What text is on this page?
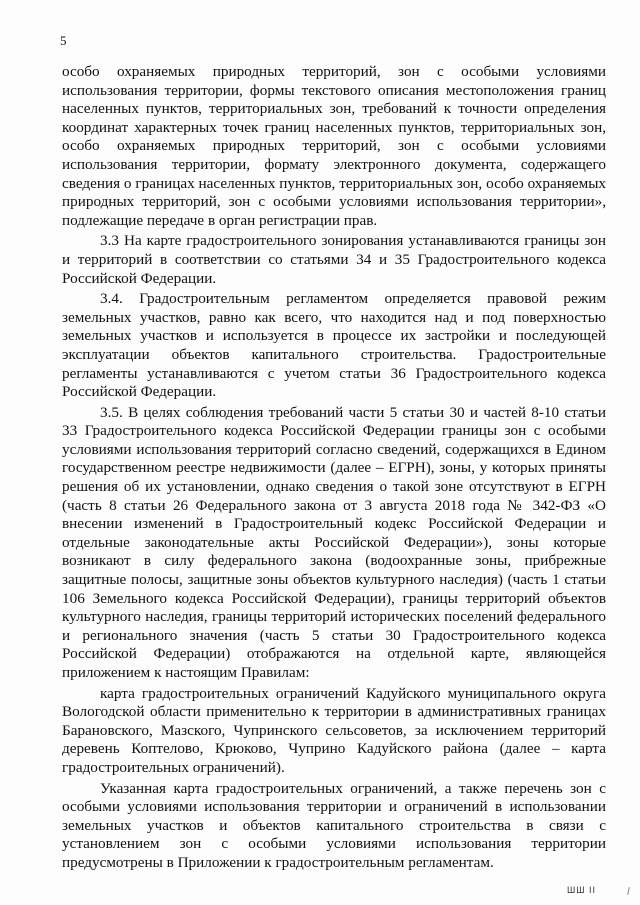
5

особо охраняемых природных территорий, зон с особыми условиями использования территории, формы текстового описания местоположения границ населенных пунктов, территориальных зон, требований к точности определения координат характерных точек границ населенных пунктов, территориальных зон, особо охраняемых природных территорий, зон с особыми условиями использования территории, формату электронного документа, содержащего сведения о границах населенных пунктов, территориальных зон, особо охраняемых природных территорий, зон с особыми условиями использования территории», подлежащие передаче в орган регистрации прав.

3.3 На карте градостроительного зонирования устанавливаются границы зон и территорий в соответствии со статьями 34 и 35 Градостроительного кодекса Российской Федерации.

3.4. Градостроительным регламентом определяется правовой режим земельных участков, равно как всего, что находится над и под поверхностью земельных участков и используется в процессе их застройки и последующей эксплуатации объектов капитального строительства. Градостроительные регламенты устанавливаются с учетом статьи 36 Градостроительного кодекса Российской Федерации.

3.5. В целях соблюдения требований части 5 статьи 30 и частей 8-10 статьи 33 Градостроительного кодекса Российской Федерации границы зон с особыми условиями использования территорий согласно сведений, содержащихся в Едином государственном реестре недвижимости (далее – ЕГРН), зоны, у которых приняты решения об их установлении, однако сведения о такой зоне отсутствуют в ЕГРН (часть 8 статьи 26 Федерального закона от 3 августа 2018 года № 342-ФЗ «О внесении изменений в Градостроительный кодекс Российской Федерации и отдельные законодательные акты Российской Федерации»), зоны которые возникают в силу федерального закона (водоохранные зоны, прибрежные защитные полосы, защитные зоны объектов культурного наследия) (часть 1 статьи 106 Земельного кодекса Российской Федерации), границы территорий объектов культурного наследия, границы территорий исторических поселений федерального и регионального значения (часть 5 статьи 30 Градостроительного кодекса Российской Федерации) отображаются на отдельной карте, являющейся приложением к настоящим Правилам:

карта градостроительных ограничений Кадуйского муниципального округа Вологодской области применительно к территории в административных границах Барановского, Мазского, Чупринского сельсоветов, за исключением территорий деревень Коптелово, Крюково, Чуприно Кадуйского района (далее – карта градостроительных ограничений).

Указанная карта градостроительных ограничений, а также перечень зон с особыми условиями использования территории и ограничений в использовании земельных участков и объектов капитального строительства в связи с установлением зон с особыми условиями использования территории предусмотрены в Приложении к градостроительным регламентам.

ШШ II
